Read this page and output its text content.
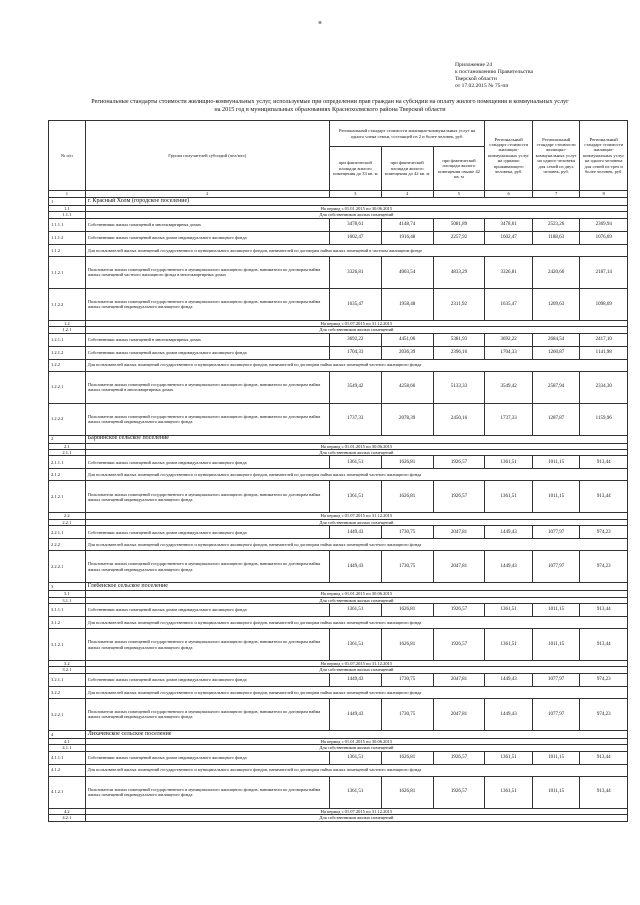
н
Приложение 24
к постановлению Правительства
Тверской области
от 17.02.2015 № 75-пп
Региональные стандарты стоимости жилищно-коммунальных услуг, используемые при определении прав граждан на субсидии на оплату жилого помещения и коммунальных услуг
на 2015 год в муниципальных образованиях Краснохолмского района Тверской области
№ п/п	Группа получателей субсидий (чел/мес)	Региональный стандарт стоимости жилищно-коммунальных услуг на одного члена семьи, состоящей из 2 и более человек, руб.			Региональный стандарт стоимости жилищно-коммунальных услуг на одиноко проживающего человека, руб.	Региональный стандарт стоимости жилищно-коммунальных услуг на одного человека для семей из двух человек, руб.	Региональный стандарт стоимости жилищно-коммунальных услуг на одного человека для семей из трех и более человек, руб.
		при фактической площади жилого помещения до 33 кв. м	при фактической площади жилого помещения до 42 кв. м	при фактической площади жилого помещения свыше 42 кв. м			
1	2	3	4	5	6	7	8
1	г. Красный Холм (городское поселение)						
1.1	На период с 01.01.2015 по 30.06.2015						
1.1.1	Для собственников жилых помещений						
1.1.1.1	Собственники жилых помещений в многоквартирных домах	3478,61	4148,74	5081,89	3478,61	2523,26	2369,94
1.1.1.2	Собственники жилых помещений жилых домов индивидуального жилищного фонда	1602,47	1916,48	2257,92	1602,47	1188,63	1076,69
1.1.2	Для пользователей жилых помещений государственного и муниципального жилищного фондов, нанимателей по договорам найма жилых помещений в частном жилищном фонде						
1.1.2.1	Пользователи жилых помещений государственного и муниципального жилищного фондов, наниматели по договорам найма жилых помещений частного жилищного фонда в многоквартирных домах	3326,81	4003,54	4833,29	3326,81	2420,66	2187,14
1.1.2.2	Пользователи жилых помещений государственного и муниципального жилищного фондов, наниматели по договорам найма жилых помещений индивидуального жилищного фонда	1635,47	1958,48	2311,92	1635,47	1209,63	1098,69
1.2	На период с 01.07.2015 по 31.12.2015						
1.2.1	Для собственников жилых помещений						
1.2.1.1	Собственники жилых помещений в многоквартирных домах	3692,22	4451,06	5381,93	3692,22	2684,54	2417,10
1.2.1.2	Собственники жилых помещений жилых домов индивидуального жилищного фонда	1704,33	2036,39	2396,16	1704,33	1260,87	1141,98
1.2.2	Для пользователей жилых помещений государственного и муниципального жилищного фондов, нанимателей по договорам найма жилых помещений частного жилищного фонда						
1.2.2.1	Пользователи жилых помещений государственного и муниципального жилищного фондов, наниматели по договорам найма жилых помещений в многоквартирных домах	3549,42	4258,66	5133,33	3549,42	2587,94	2334,30
1.2.2.2	Пользователи жилых помещений государственного и муниципального жилищного фондов, наниматели по договорам найма жилых помещений индивидуального жилищного фонда	1737,33	2078,39	2450,16	1737,33	1287,87	1159,96
2	Барбинское сельское поселение						
2.1	На период с 01.01.2015 по 30.06.2015						
2.1.1	Для собственников жилых помещений						
2.1.1.1	Собственники жилых помещений жилых домов индивидуального жилищного фонда	1361,51	1626,81	1926,57	1361,51	1011,15	913,44
2.1.2	Для пользователей жилых помещений государственного и муниципального жилищного фондов, нанимателей по договорам найма жилых помещений частного жилищного фонда						
2.1.2.1	Пользователи жилых помещений государственного и муниципального жилищного фондов, наниматели по договорам найма жилых помещений индивидуального жилищного фонда	1361,51	1626,81	1926,57	1361,51	1011,15	913,44
2.2	На период с 01.07.2015 по 31.12.2015						
2.2.1	Для собственников жилых помещений						
2.2.1.1	Собственники жилых помещений жилых домов индивидуального жилищного фонда	1449,43	1730,75	2047,81	1449,43	1077,97	974,23
2.2.2	Для пользователей жилых помещений государственного и муниципального жилищного фондов, нанимателей по договорам найма жилых помещений частного жилищного фонда						
2.2.2.1	Пользователи жилых помещений государственного и муниципального жилищного фондов, наниматели по договорам найма жилых помещений индивидуального жилищного фонда	1449,43	1730,75	2047,81	1449,43	1077,97	974,23
3	Глебенское сельское поселение						
3.1	На период с 01.01.2015 по 30.06.2015						
3.1.1	Для собственников жилых помещений						
3.1.1.1	Собственники жилых помещений жилых домов индивидуального жилищного фонда	1361,51	1626,81	1926,57	1361,51	1011,15	913,44
3.1.2	Для пользователей жилых помещений государственного и муниципального жилищного фондов, нанимателей по договорам найма жилых помещений частного жилищного фонда						
3.1.2.1	Пользователи жилых помещений государственного и муниципального жилищного фондов, наниматели по договорам найма жилых помещений индивидуального жилищного фонда	1361,51	1626,81	1926,57	1361,51	1011,15	913,44
3.2	На период с 01.07.2015 по 31.12.2015						
3.2.1	Для собственников жилых помещений						
3.2.1.1	Собственники жилых помещений жилых домов индивидуального жилищного фонда	1449,43	1730,75	2047,81	1449,43	1077,97	974,23
3.2.2	Для пользователей жилых помещений государственного и муниципального жилищного фондов, нанимателей по договорам найма жилых помещений частного жилищного фонда						
3.2.2.1	Пользователи жилых помещений государственного и муниципального жилищного фондов, наниматели по договорам найма жилых помещений индивидуального жилищного фонда	1449,43	1730,75	2047,81	1449,43	1077,97	974,23
4	Лихачевское сельское поселение						
4.1	На период с 01.01.2015 по 30.06.2015						
4.1.1	Для собственников жилых помещений						
4.1.1.1	Собственники жилых помещений жилых домов индивидуального жилищного фонда	1361,51	1626,81	1926,57	1361,51	1011,15	913,44
4.1.2	Для пользователей жилых помещений государственного и муниципального жилищного фондов, нанимателей по договорам найма жилых помещений частного жилищного фонда						
4.1.2.1	Пользователи жилых помещений государственного и муниципального жилищного фондов, наниматели по договорам найма жилых помещений индивидуального жилищного фонда	1361,51	1626,81	1926,57	1361,51	1011,15	913,44
4.2	На период с 01.07.2015 по 31.12.2015						
4.2.1	Для собственников жилых помещений						
